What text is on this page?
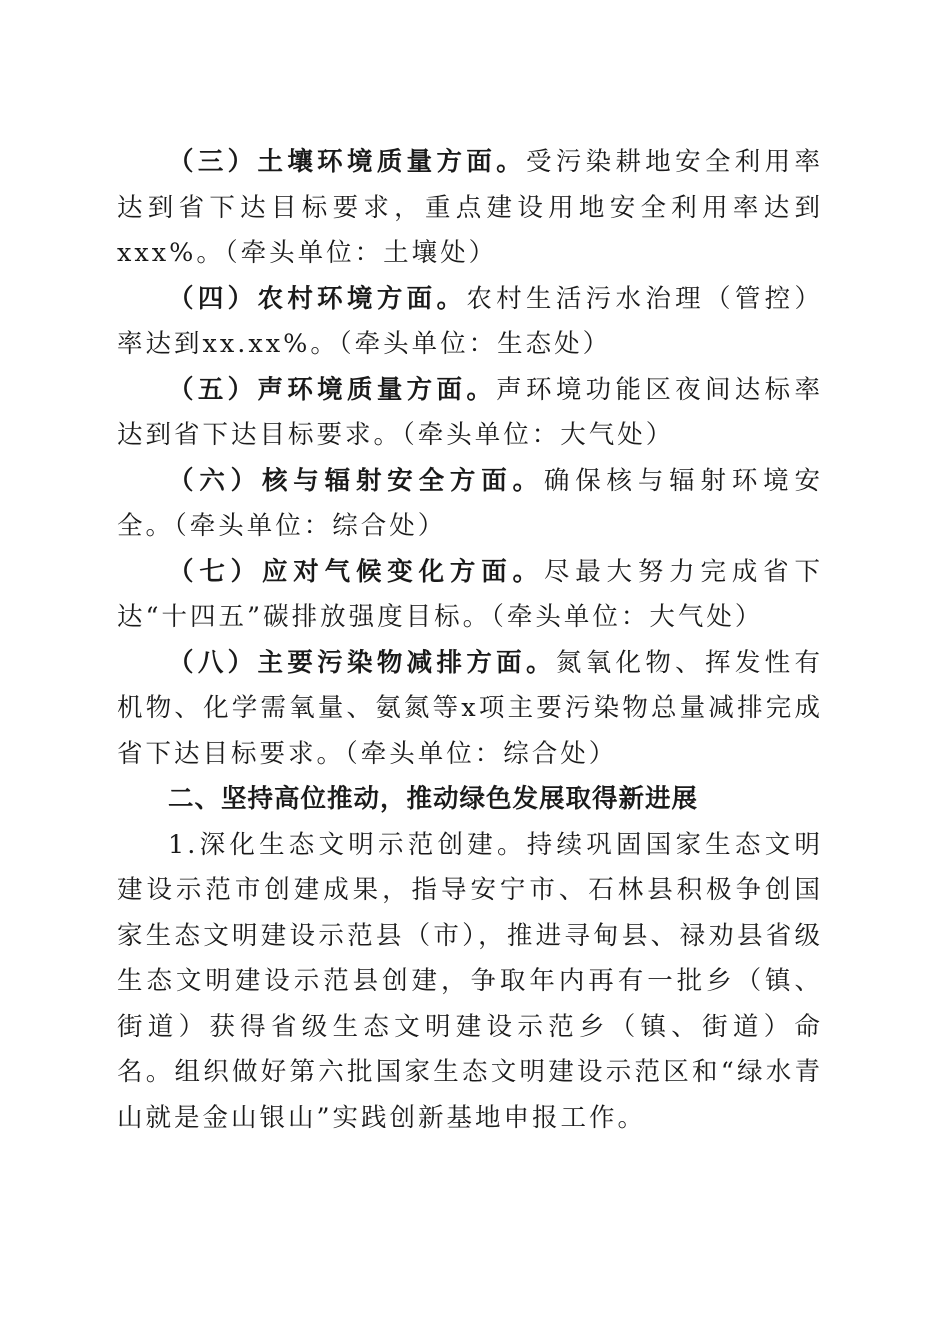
（三）土壤环境质量方面。受污染耕地安全利用率达到省下达目标要求，重点建设用地安全利用率达到xxx%。（牵头单位：土壤处）

（四）农村环境方面。农村生活污水治理（管控）率达到xx.xx%。（牵头单位：生态处）

（五）声环境质量方面。声环境功能区夜间达标率达到省下达目标要求。（牵头单位：大气处）

（六）核与辐射安全方面。确保核与辐射环境安全。（牵头单位：综合处）

（七）应对气候变化方面。尽最大努力完成省下达“十四五”碳排放强度目标。（牵头单位：大气处）

（八）主要污染物减排方面。氮氧化物、挥发性有机物、化学需氧量、氨氮等x项主要污染物总量减排完成省下达目标要求。（牵头单位：综合处）

二、坚持高位推动，推动绿色发展取得新进展

1.深化生态文明示范创建。持续巩固国家生态文明建设示范市创建成果，指导安宁市、石林县积极争创国家生态文明建设示范县（市），推进寻甸县、禄劝县省级生态文明建设示范县创建，争取年内再有一批乡（镇、街道）获得省级生态文明建设示范乡（镇、街道）命名。组织做好第六批国家生态文明建设示范区和“绿水青山就是金山银山”实践创新基地申报工作。
